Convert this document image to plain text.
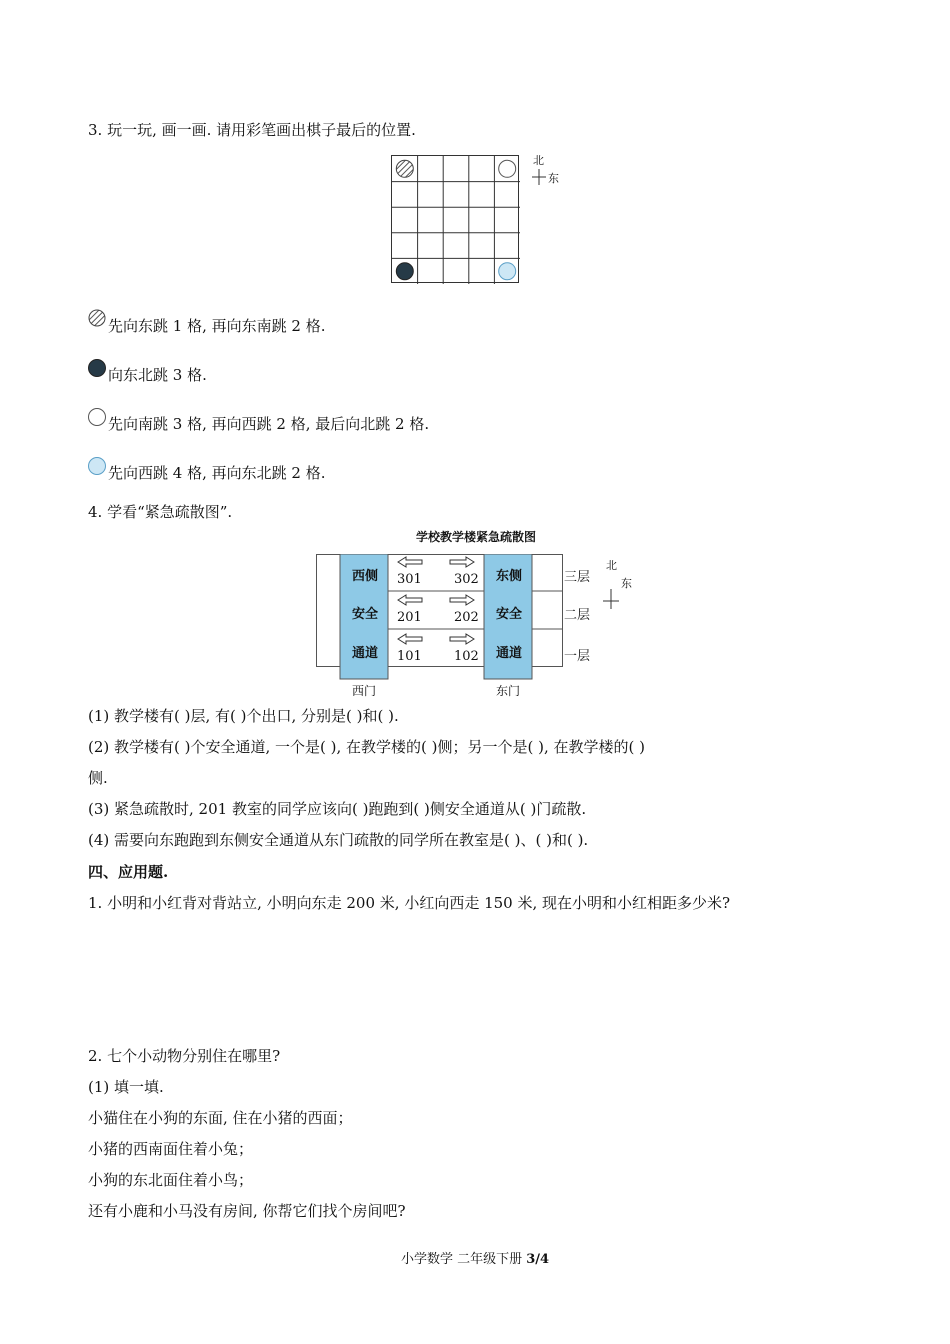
3. 玩一玩, 画一画. 请用彩笔画出棋子最后的位置.
北
东
先向东跳 1 格, 再向东南跳 2 格.
向东北跳 3 格.
先向南跳 3 格, 再向西跳 2 格, 最后向北跳 2 格.
先向西跳 4 格, 再向东北跳 2 格.
4. 学看“紧急疏散图”.
学校教学楼紧急疏散图
西侧
安全
通道
东侧
安全
通道
301 302
201 202
101 102
三层
二层
一层
西门	东门
北
东
(1) 教学楼有( )层, 有( )个出口, 分别是( )和( ).
(2) 教学楼有( )个安全通道, 一个是( ), 在教学楼的( )侧；另一个是( ), 在教学楼的( )
侧.
(3) 紧急疏散时, 201 教室的同学应该向( )跑跑到( )侧安全通道从( )门疏散.
(4) 需要向东跑跑到东侧安全通道从东门疏散的同学所在教室是( )、( )和( ).
四、应用题.
1. 小明和小红背对背站立, 小明向东走 200 米, 小红向西走 150 米, 现在小明和小红相距多少米?
2. 七个小动物分别住在哪里?
(1) 填一填.
小猫住在小狗的东面, 住在小猪的西面；
小猪的西南面住着小兔；
小狗的东北面住着小鸟；
还有小鹿和小马没有房间, 你帮它们找个房间吧?
小学数学 二年级下册 3/4
